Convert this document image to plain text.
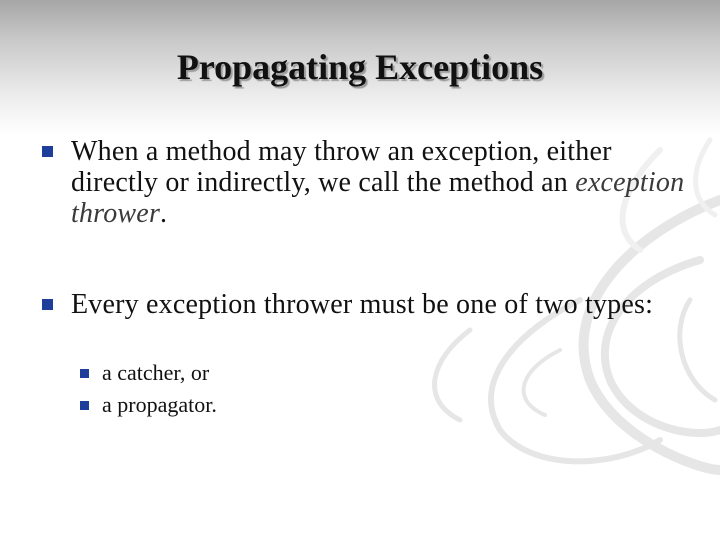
Propagating Exceptions
When a method may throw an exception, either directly or indirectly, we call the method an exception thrower.
Every exception thrower must be one of two types:
a catcher, or
a propagator.
